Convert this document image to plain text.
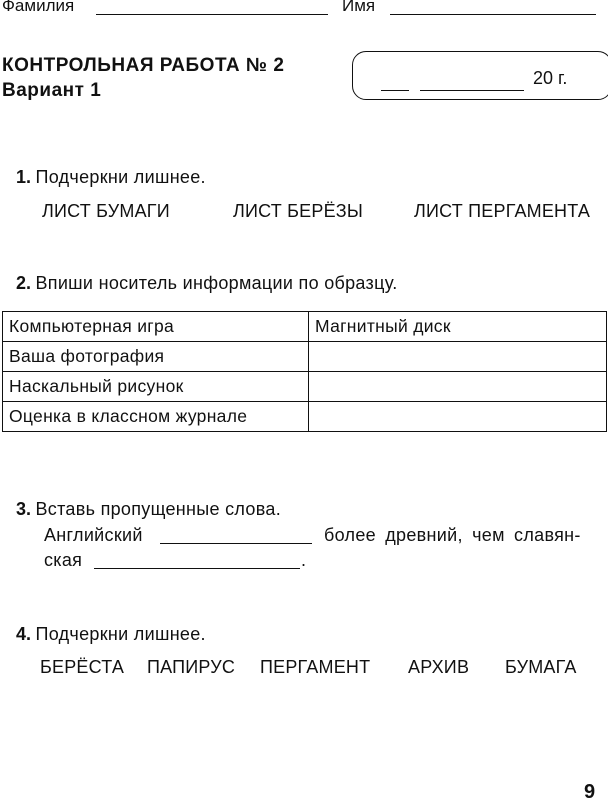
Фамилия	Имя
КОНТРОЛЬНАЯ РАБОТА № 2
Вариант 1
20 г.
1. Подчеркни лишнее.
ЛИСТ БУМАГИ	ЛИСТ БЕРЁЗЫ	ЛИСТ ПЕРГАМЕНТА
2. Впиши носитель информации по образцу.
Компьютерная игра	Магнитный диск
Ваша фотография	
Наскальный рисунок	
Оценка в классном журнале	
3. Вставь пропущенные слова.
Английский	более древний, чем славян-
ская	.
4. Подчеркни лишнее.
БЕРЁСТА ПАПИРУС ПЕРГАМЕНТ АРХИВ БУМАГА
9
